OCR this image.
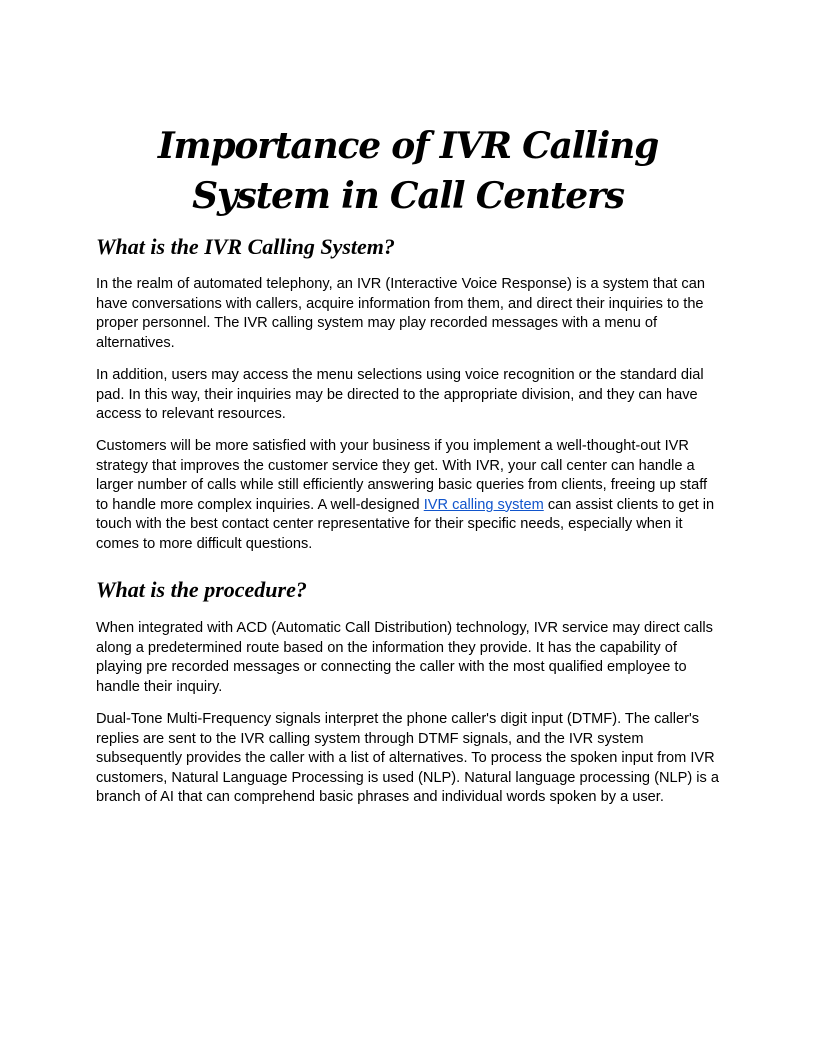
Importance of IVR Calling System in Call Centers
What is the IVR Calling System?

In the realm of automated telephony, an IVR (Interactive Voice Response) is a system that can have conversations with callers, acquire information from them, and direct their inquiries to the proper personnel. The IVR calling system may play recorded messages with a menu of alternatives.

In addition, users may access the menu selections using voice recognition or the standard dial pad. In this way, their inquiries may be directed to the appropriate division, and they can have access to relevant resources.

Customers will be more satisfied with your business if you implement a well-thought-out IVR strategy that improves the customer service they get. With IVR, your call center can handle a larger number of calls while still efficiently answering basic queries from clients, freeing up staff to handle more complex inquiries. A well-designed IVR calling system can assist clients to get in touch with the best contact center representative for their specific needs, especially when it comes to more difficult questions.

What is the procedure?

When integrated with ACD (Automatic Call Distribution) technology, IVR service may direct calls along a predetermined route based on the information they provide. It has the capability of playing pre recorded messages or connecting the caller with the most qualified employee to handle their inquiry.

Dual-Tone Multi-Frequency signals interpret the phone caller's digit input (DTMF). The caller's replies are sent to the IVR calling system through DTMF signals, and the IVR system subsequently provides the caller with a list of alternatives. To process the spoken input from IVR customers, Natural Language Processing is used (NLP). Natural language processing (NLP) is a branch of AI that can comprehend basic phrases and individual words spoken by a user.
